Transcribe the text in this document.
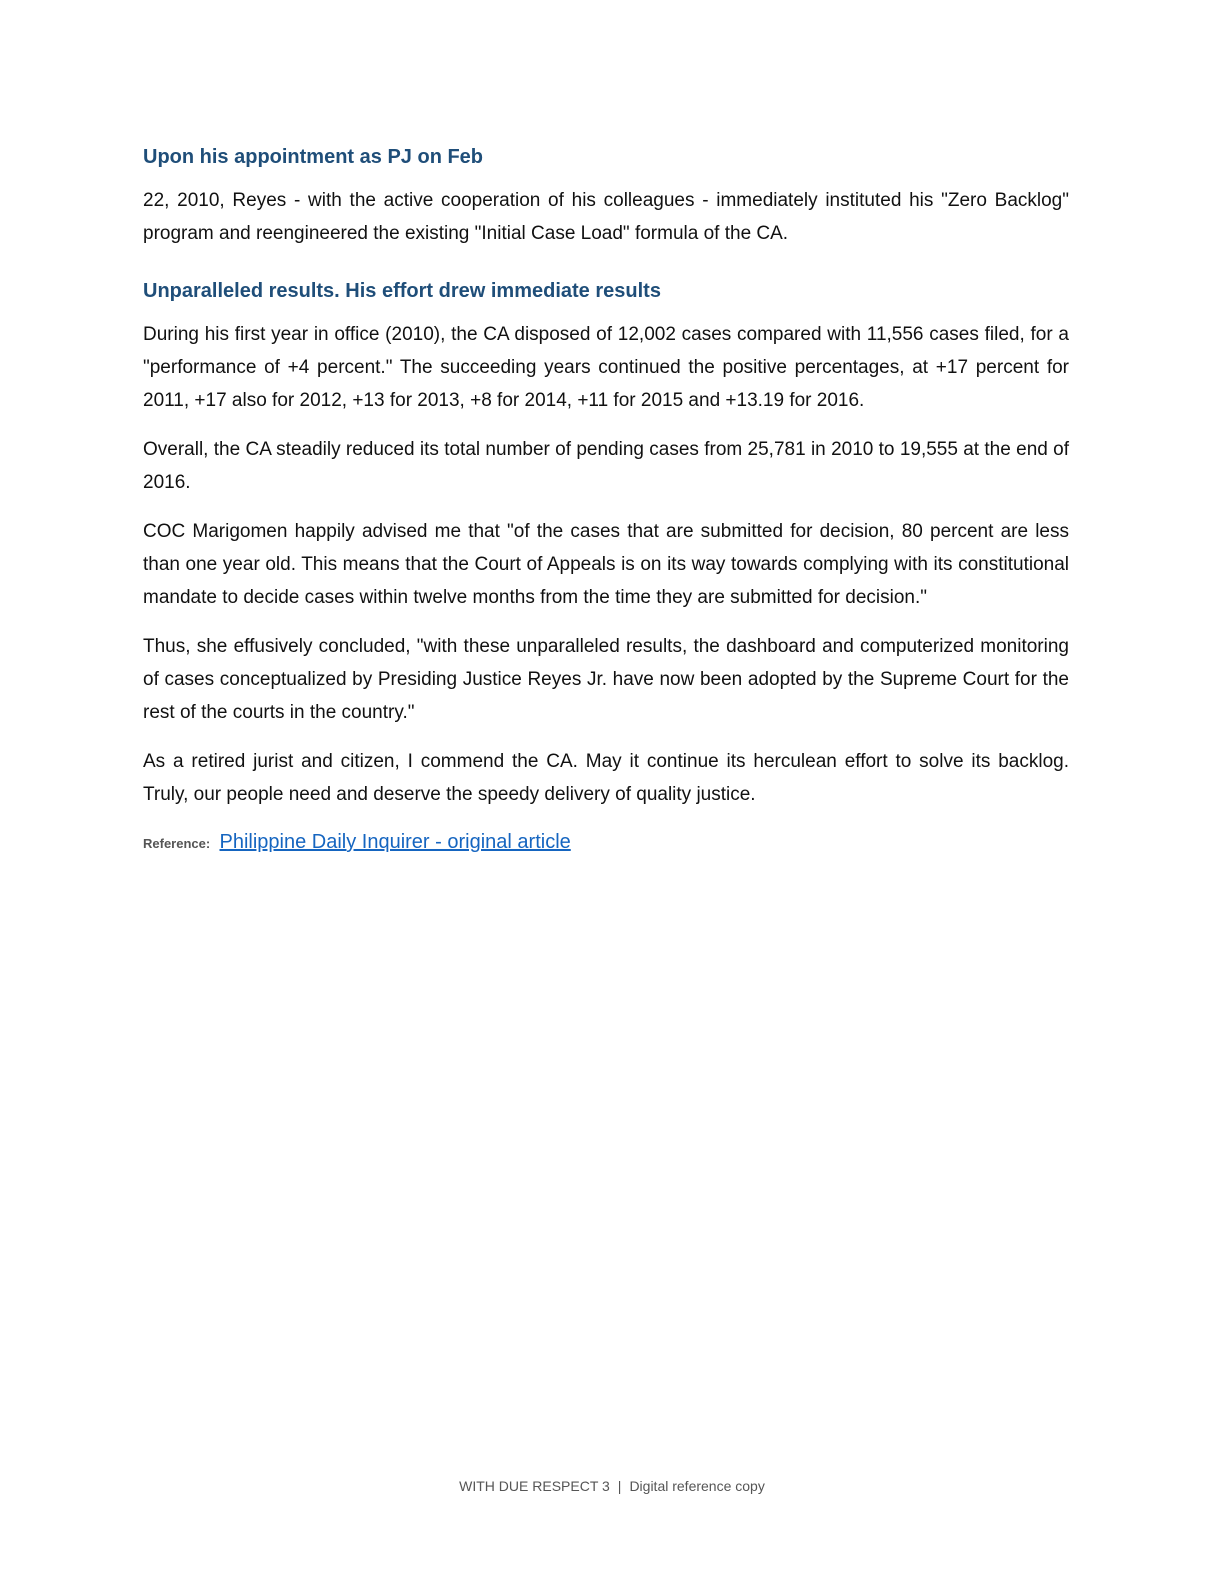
Upon his appointment as PJ on Feb

22, 2010, Reyes - with the active cooperation of his colleagues - immediately instituted his "Zero Backlog" program and reengineered the existing "Initial Case Load" formula of the CA.

Unparalleled results. His effort drew immediate results

During his first year in office (2010), the CA disposed of 12,002 cases compared with 11,556 cases filed, for a "performance of +4 percent." The succeeding years continued the positive percentages, at +17 percent for 2011, +17 also for 2012, +13 for 2013, +8 for 2014, +11 for 2015 and +13.19 for 2016.

Overall, the CA steadily reduced its total number of pending cases from 25,781 in 2010 to 19,555 at the end of 2016.

COC Marigomen happily advised me that "of the cases that are submitted for decision, 80 percent are less than one year old. This means that the Court of Appeals is on its way towards complying with its constitutional mandate to decide cases within twelve months from the time they are submitted for decision."

Thus, she effusively concluded, "with these unparalleled results, the dashboard and computerized monitoring of cases conceptualized by Presiding Justice Reyes Jr. have now been adopted by the Supreme Court for the rest of the courts in the country."

As a retired jurist and citizen, I commend the CA. May it continue its herculean effort to solve its backlog. Truly, our people need and deserve the speedy delivery of quality justice.

Reference: Philippine Daily Inquirer - original article
WITH DUE RESPECT 3 | Digital reference copy
